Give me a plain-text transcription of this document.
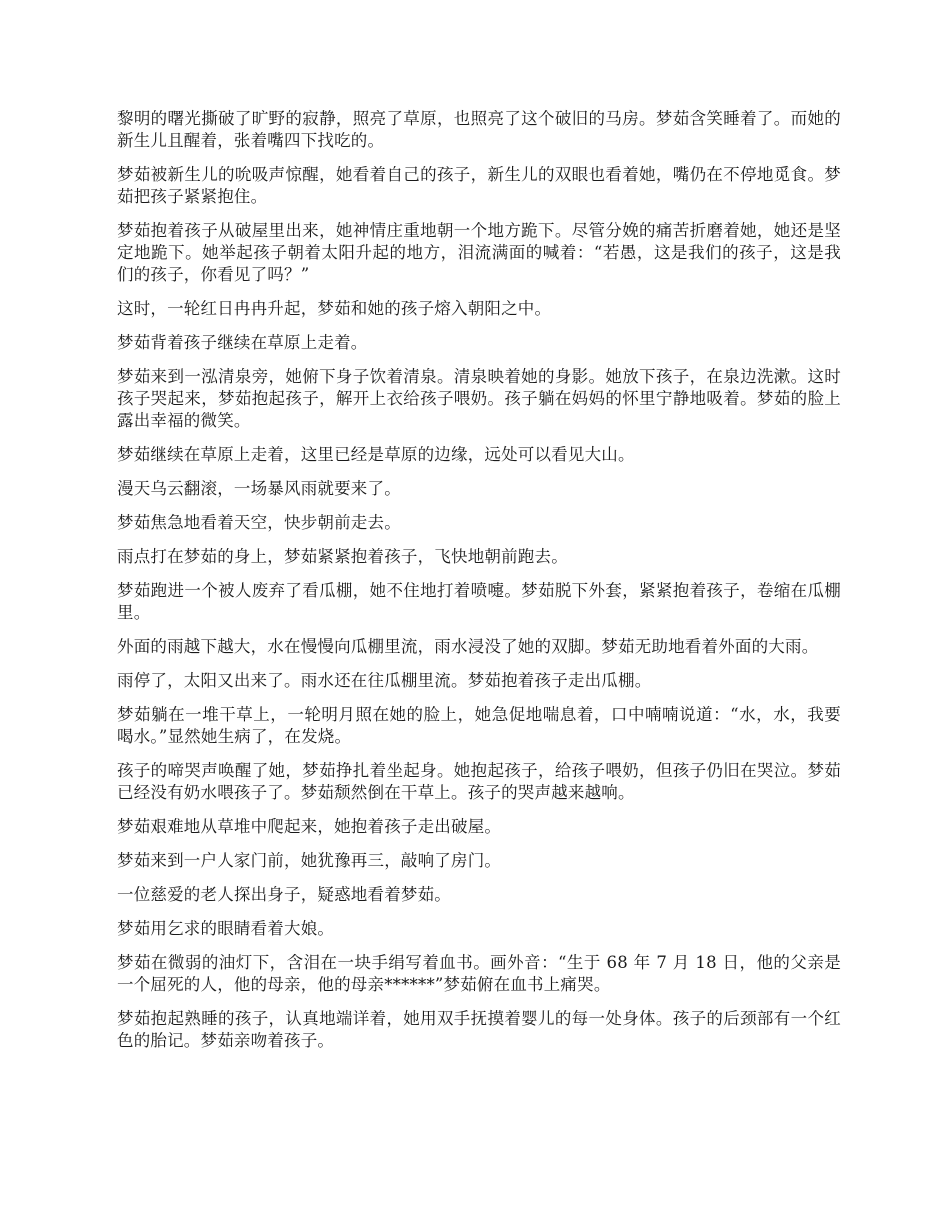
黎明的曙光撕破了旷野的寂静，照亮了草原，也照亮了这个破旧的马房。梦茹含笑睡着了。而她的新生儿且醒着，张着嘴四下找吃的。

梦茹被新生儿的吮吸声惊醒，她看着自己的孩子，新生儿的双眼也看着她，嘴仍在不停地觅食。梦茹把孩子紧紧抱住。

梦茹抱着孩子从破屋里出来，她神情庄重地朝一个地方跪下。尽管分娩的痛苦折磨着她，她还是坚定地跪下。她举起孩子朝着太阳升起的地方，泪流满面的喊着：“若愚，这是我们的孩子，这是我们的孩子，你看见了吗？”

这时，一轮红日冉冉升起，梦茹和她的孩子熔入朝阳之中。

梦茹背着孩子继续在草原上走着。

梦茹来到一泓清泉旁，她俯下身子饮着清泉。清泉映着她的身影。她放下孩子，在泉边洗漱。这时孩子哭起来，梦茹抱起孩子，解开上衣给孩子喂奶。孩子躺在妈妈的怀里宁静地吸着。梦茹的脸上露出幸福的微笑。

梦茹继续在草原上走着，这里已经是草原的边缘，远处可以看见大山。

漫天乌云翻滚，一场暴风雨就要来了。

梦茹焦急地看着天空，快步朝前走去。

雨点打在梦茹的身上，梦茹紧紧抱着孩子，飞快地朝前跑去。

梦茹跑进一个被人废弃了看瓜棚，她不住地打着喷嚏。梦茹脱下外套，紧紧抱着孩子，卷缩在瓜棚里。

外面的雨越下越大，水在慢慢向瓜棚里流，雨水浸没了她的双脚。梦茹无助地看着外面的大雨。

雨停了，太阳又出来了。雨水还在往瓜棚里流。梦茹抱着孩子走出瓜棚。

梦茹躺在一堆干草上，一轮明月照在她的脸上，她急促地喘息着，口中喃喃说道：“水，水，我要喝水。”显然她生病了，在发烧。

孩子的啼哭声唤醒了她，梦茹挣扎着坐起身。她抱起孩子，给孩子喂奶，但孩子仍旧在哭泣。梦茹已经没有奶水喂孩子了。梦茹颓然倒在干草上。孩子的哭声越来越响。

梦茹艰难地从草堆中爬起来，她抱着孩子走出破屋。

梦茹来到一户人家门前，她犹豫再三，敲响了房门。

一位慈爱的老人探出身子，疑惑地看着梦茹。

梦茹用乞求的眼睛看着大娘。

梦茹在微弱的油灯下，含泪在一块手绢写着血书。画外音：“生于 68 年 7 月 18 日，他的父亲是一个屈死的人，他的母亲，他的母亲******”梦茹俯在血书上痛哭。

梦茹抱起熟睡的孩子，认真地端详着，她用双手抚摸着婴儿的每一处身体。孩子的后颈部有一个红色的胎记。梦茹亲吻着孩子。
